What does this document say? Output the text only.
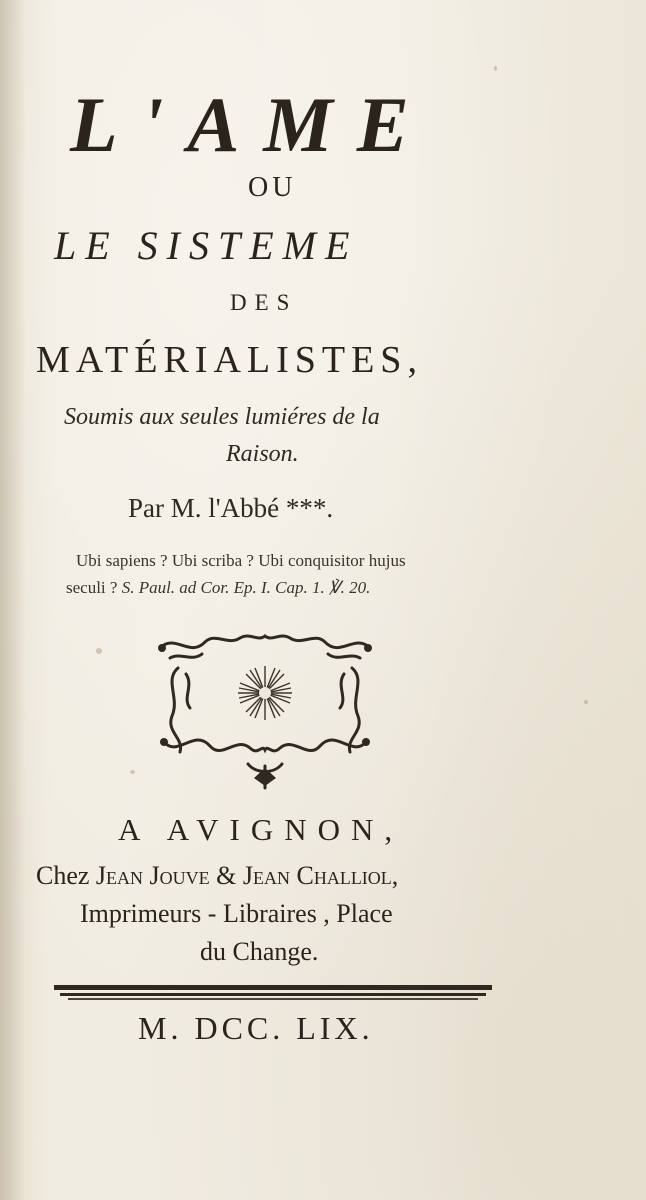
L'AME

OU

LE SISTEME

DES

MATÉRIALISTES,

Soumis aux seules lumiéres de la

Raison.

Par M. l'Abbé ***.

Ubi sapiens ? Ubi scriba ? Ubi conquisitor hujus

seculi ? S. Paul. ad Cor. Ep. I. Cap. 1. ℣. 20.

A AVIGNON,

Chez Jean Jouve & Jean Challiol,

Imprimeurs - Libraires , Place

du Change.

M. DCC. LIX.
